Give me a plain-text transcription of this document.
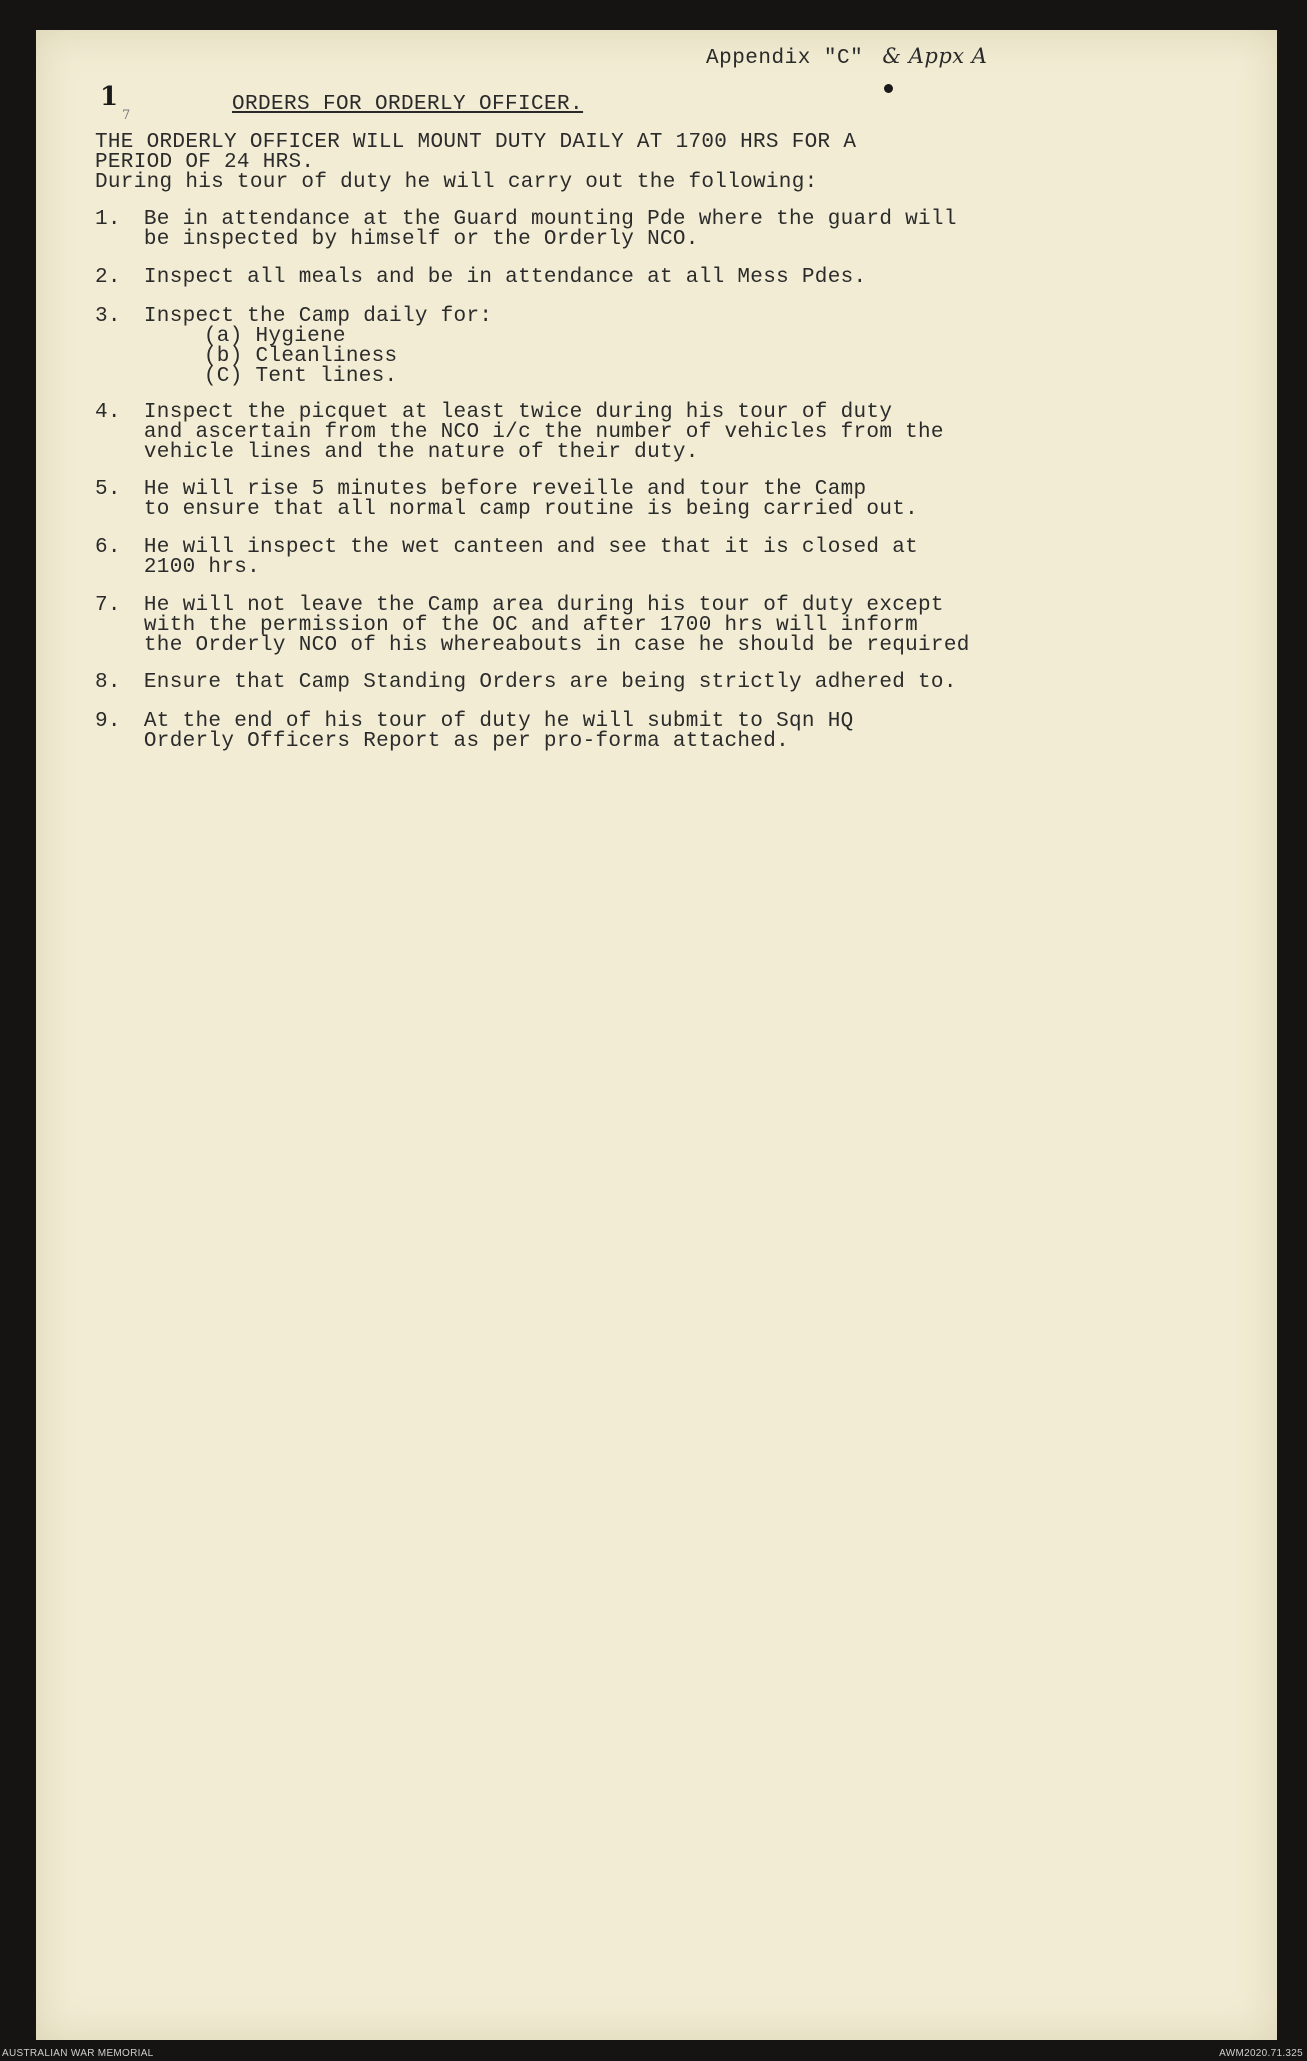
Appendix "C" & Appx A
1
7	ORDERS FOR ORDERLY OFFICER.
THE ORDERLY OFFICER WILL MOUNT DUTY DAILY AT 1700 HRS FOR A
PERIOD OF 24 HRS.
During his tour of duty he will carry out the following:
1. Be in attendance at the Guard mounting Pde where the guard will
be inspected by himself or the Orderly NCO.
2. Inspect all meals and be in attendance at all Mess Pdes.
3. Inspect the Camp daily for:
(a) Hygiene
(b) Cleanliness
(C) Tent lines.
4. Inspect the picquet at least twice during his tour of duty
and ascertain from the NCO i/c the number of vehicles from the
vehicle lines and the nature of their duty.
5. He will rise 5 minutes before reveille and tour the Camp
to ensure that all normal camp routine is being carried out.
6. He will inspect the wet canteen and see that it is closed at
2100 hrs.
7. He will not leave the Camp area during his tour of duty except
with the permission of the OC and after 1700 hrs will inform
the Orderly NCO of his whereabouts in case he should be required
8. Ensure that Camp Standing Orders are being strictly adhered to.
9. At the end of his tour of duty he will submit to Sqn HQ
Orderly Officers Report as per pro-forma attached.
AUSTRALIAN WAR MEMORIAL	AWM2020.71.325
